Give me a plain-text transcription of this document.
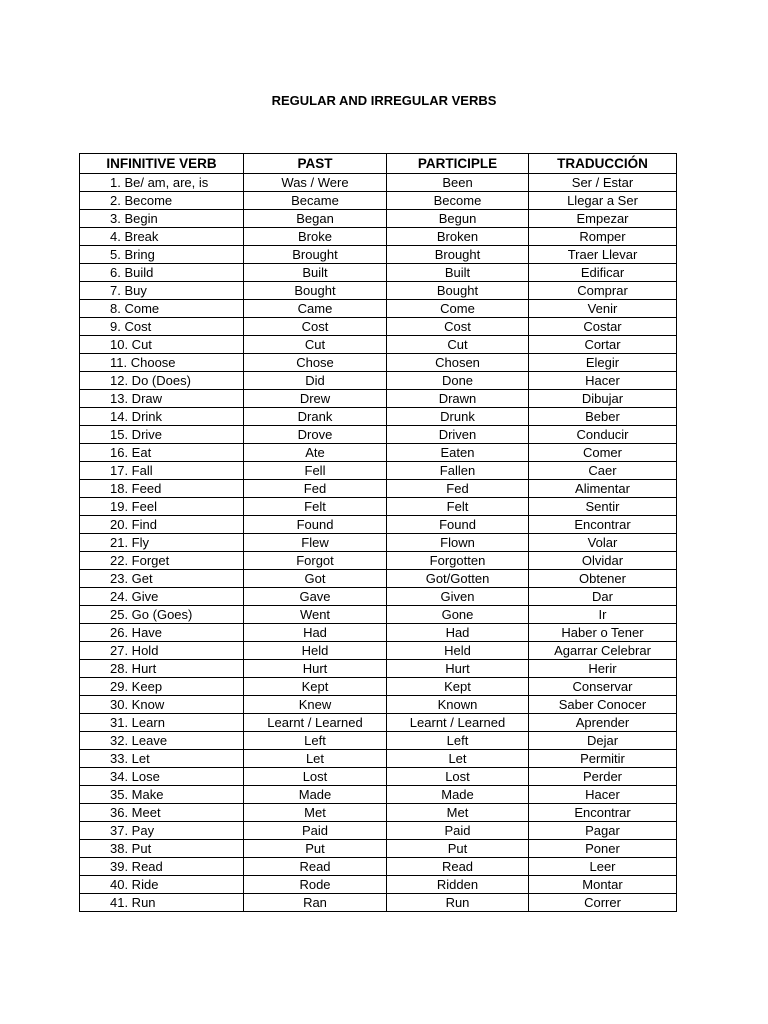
REGULAR AND IRREGULAR VERBS
INFINITIVE VERB	PAST	PARTICIPLE	TRADUCCIÓN
1. Be/ am, are, is	Was / Were	Been	Ser / Estar
2. Become	Became	Become	Llegar a Ser
3. Begin	Began	Begun	Empezar
4. Break	Broke	Broken	Romper
5. Bring	Brought	Brought	Traer Llevar
6. Build	Built	Built	Edificar
7. Buy	Bought	Bought	Comprar
8. Come	Came	Come	Venir
9. Cost	Cost	Cost	Costar
10. Cut	Cut	Cut	Cortar
11. Choose	Chose	Chosen	Elegir
12. Do (Does)	Did	Done	Hacer
13. Draw	Drew	Drawn	Dibujar
14. Drink	Drank	Drunk	Beber
15. Drive	Drove	Driven	Conducir
16. Eat	Ate	Eaten	Comer
17. Fall	Fell	Fallen	Caer
18. Feed	Fed	Fed	Alimentar
19. Feel	Felt	Felt	Sentir
20. Find	Found	Found	Encontrar
21. Fly	Flew	Flown	Volar
22. Forget	Forgot	Forgotten	Olvidar
23. Get	Got	Got/Gotten	Obtener
24. Give	Gave	Given	Dar
25. Go (Goes)	Went	Gone	Ir
26. Have	Had	Had	Haber o Tener
27. Hold	Held	Held	Agarrar Celebrar
28. Hurt	Hurt	Hurt	Herir
29. Keep	Kept	Kept	Conservar
30. Know	Knew	Known	Saber Conocer
31. Learn	Learnt / Learned	Learnt / Learned	Aprender
32. Leave	Left	Left	Dejar
33. Let	Let	Let	Permitir
34. Lose	Lost	Lost	Perder
35. Make	Made	Made	Hacer
36. Meet	Met	Met	Encontrar
37. Pay	Paid	Paid	Pagar
38. Put	Put	Put	Poner
39. Read	Read	Read	Leer
40. Ride	Rode	Ridden	Montar
41. Run	Ran	Run	Correr
